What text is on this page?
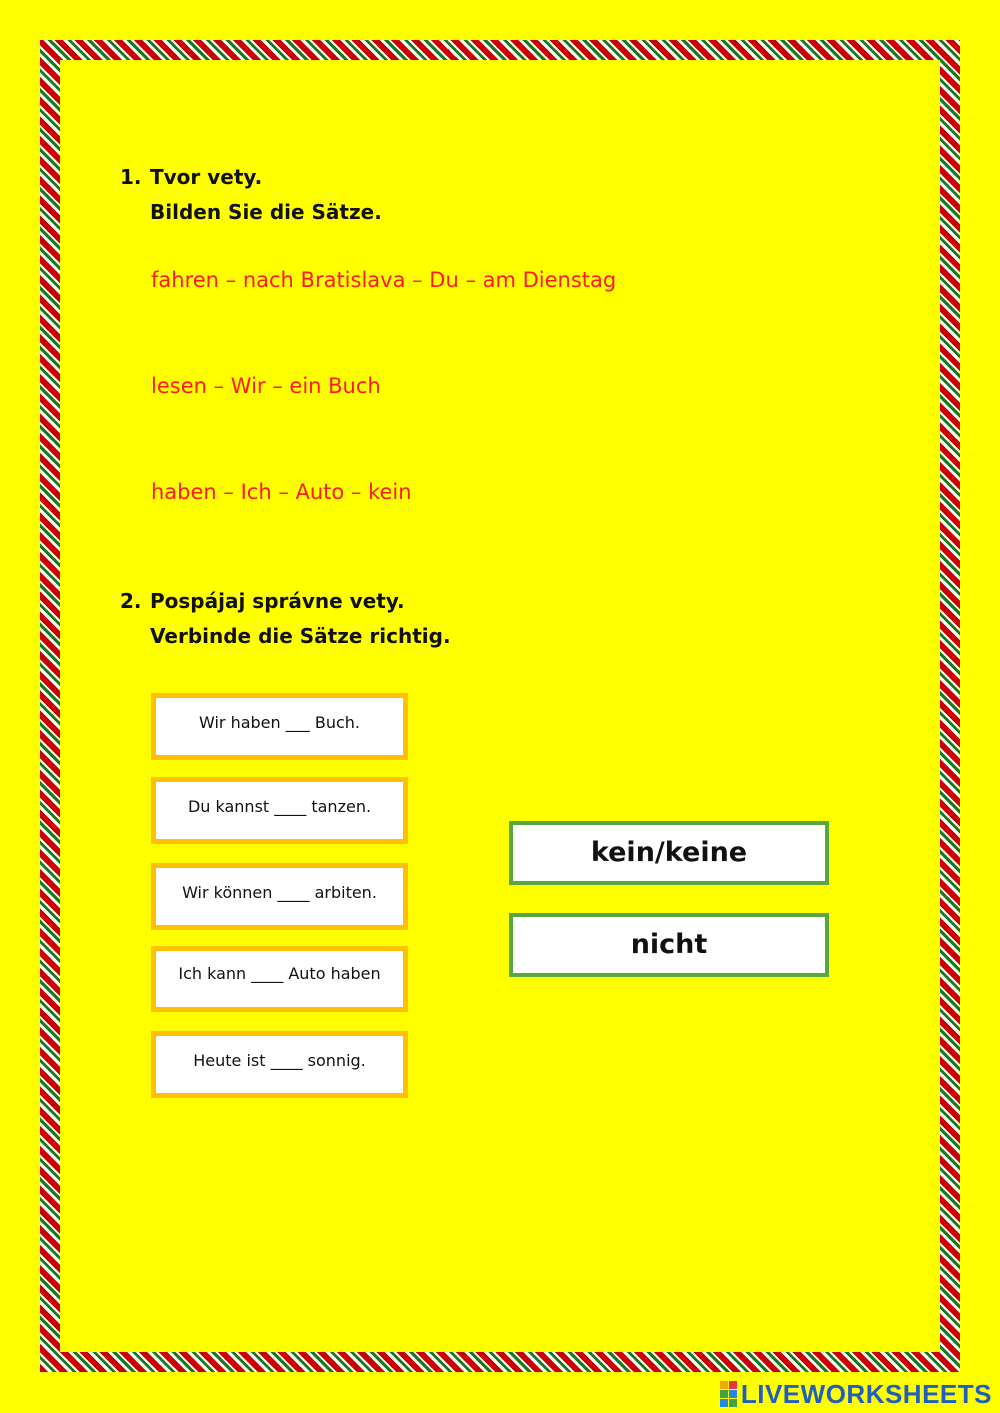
1. Tvor vety.
Bilden Sie die Sätze.
fahren – nach Bratislava – Du – am Dienstag
lesen – Wir – ein Buch
haben – Ich – Auto – kein
2. Pospájaj správne vety.
Verbinde die Sätze richtig.
Wir haben ___ Buch.
Du kannst ____ tanzen.
Wir können ____ arbiten.
Ich kann ____ Auto haben
Heute ist ____ sonnig.
kein/keine
nicht
LIVEWORKSHEETS
